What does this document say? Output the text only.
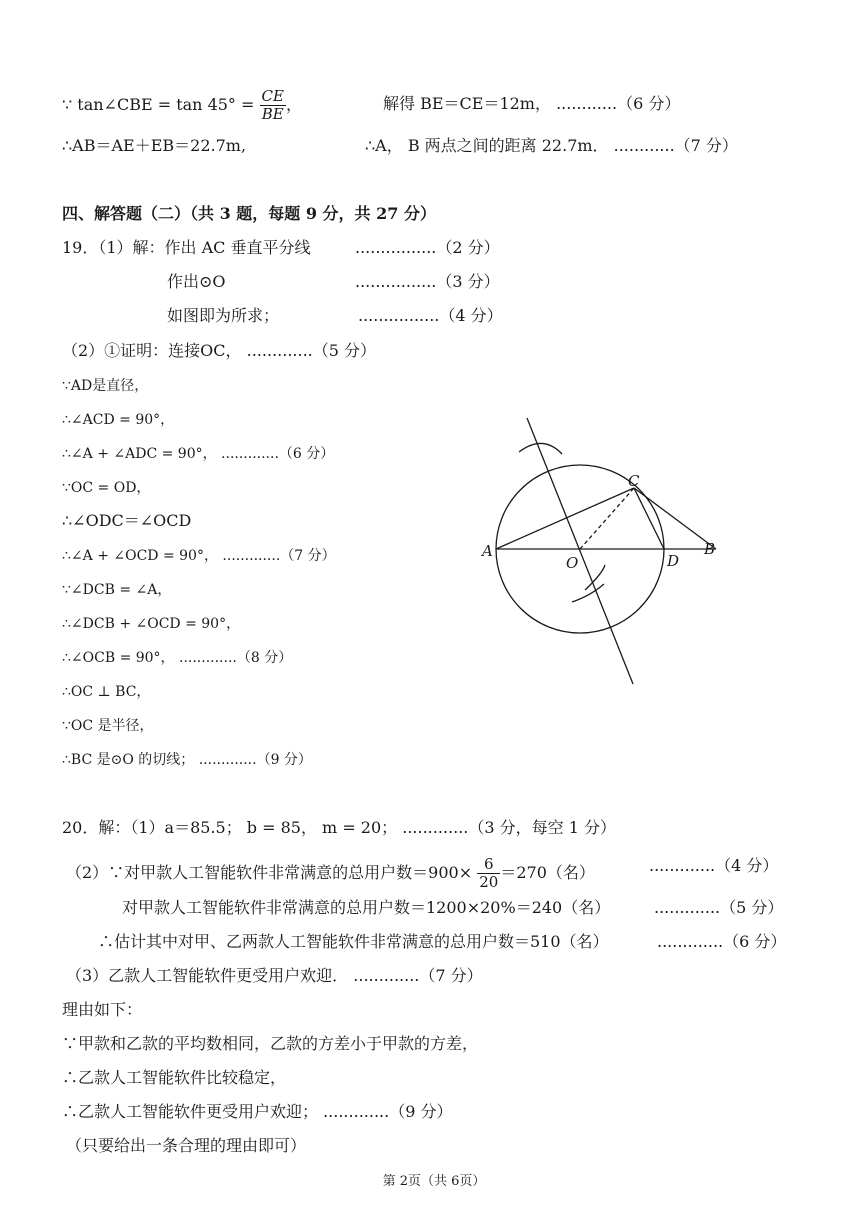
∵ tan∠CBE = $\tan 45^\circ = \frac{CE}{BE}$ ，	解得 BE＝CE＝12m， ............（6 分）
∴AB＝AE＋EB＝22.7m,	∴A， B 两点之间的距离 22.7m． ............（7 分）
四、解答题（二）（共 3 题，每题 9 分，共 27 分）
19．（1）解：作出 AC 垂直平分线	................（2 分）
作出⊙O	................（3 分）
如图即为所求；	................（4 分）
（2）①证明：连接OC， .............（5 分）
∵AD是直径，
∴∠ACD = 90°，
∴∠A + ∠ADC = 90°， .............（6 分）
∵OC = OD，
∴∠ODC＝∠OCD
∴∠A + ∠OCD = 90°， .............（7 分）
∵∠DCB = ∠A，
∴∠DCB + ∠OCD = 90°，
∴∠OCB = 90°， .............（8 分）
∴OC ⊥ BC，
∵OC 是半径，
∴BC 是⊙O 的切线； .............（9 分）
A	B
C
D
O
20．解：（1）a＝85.5； b = 85， m = 20； .............（3 分，每空 1 分）
（2）∵对甲款人工智能软件非常满意的总用户数$=900\times \frac{6}{20} =270$（名）	.............（4 分）
对甲款人工智能软件非常满意的总用户数＝1200×20%＝240（名）	.............（5 分）
∴估计其中对甲、乙两款人工智能软件非常满意的总用户数＝510（名）	.............（6 分）
（3）乙款人工智能软件更受用户欢迎． .............（7 分）
理由如下：
∵甲款和乙款的平均数相同，乙款的方差小于甲款的方差，
∴乙款人工智能软件比较稳定，
∴乙款人工智能软件更受用户欢迎； .............（9 分）
（只要给出一条合理的理由即可）
第 2页（共 6页）
